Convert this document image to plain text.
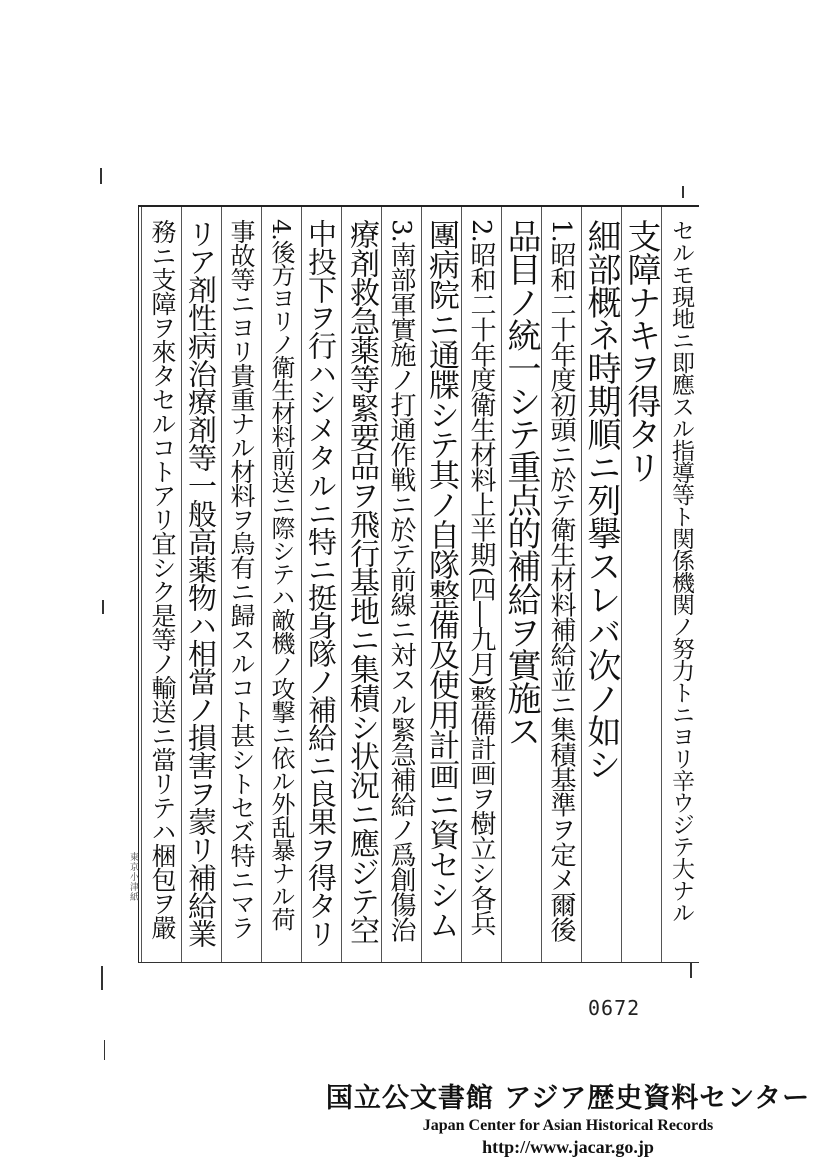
セルモ現地ニ即應スル指導等ト関係機関ノ努力トニヨリ辛ウジテ大ナル
支障ナキヲ得タリ
細部概ネ時期順ニ列擧スレバ次ノ如シ
1.昭和二十年度初頭ニ於テ衛生材料補給並ニ集積基準ヲ定メ爾後
品目ノ統一シテ重点的補給ヲ實施ス
2.昭和二十年度衛生材料上半期(四―九月)整備計画ヲ樹立シ各兵
團病院ニ通牒シテ其ノ自隊整備及使用計画ニ資セシム
3.南部軍實施ノ打通作戦ニ於テ前線ニ対スル緊急補給ノ爲創傷治
療剤救急薬等緊要品ヲ飛行基地ニ集積シ状況ニ應ジテ空
中投下ヲ行ハシメタルニ特ニ挺身隊ノ補給ニ良果ヲ得タリ
4.後方ヨリノ衛生材料前送ニ際シテハ敵機ノ攻撃ニ依ル外乱暴ナル荷
事故等ニヨリ貴重ナル材料ヲ烏有ニ歸スルコト甚シトセズ特ニマラ
リア剤性病治療剤等一般高薬物ハ相當ノ損害ヲ蒙リ補給業
務ニ支障ヲ來タセルコトアリ宜シク是等ノ輸送ニ當リテハ梱包ヲ嚴
東京小津紙
0672
国立公文書館 アジア歴史資料センター
Japan Center for Asian Historical Records
http://www.jacar.go.jp
